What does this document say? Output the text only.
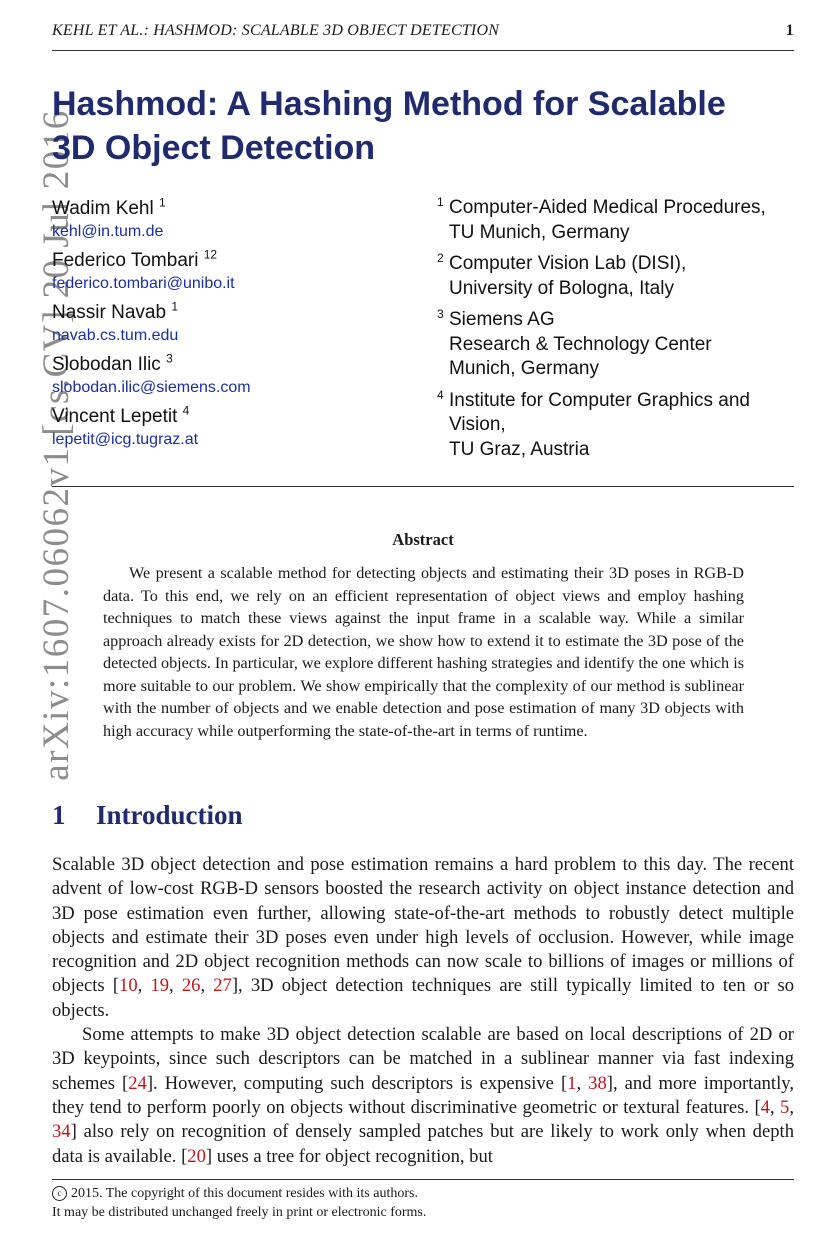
KEHL ET AL.: HASHMOD: SCALABLE 3D OBJECT DETECTION	1
arXiv:1607.06062v1 [cs.CV] 20 Jul 2016
Hashmod: A Hashing Method for Scalable
3D Object Detection
Wadim Kehl $^1$
kehl@in.tum.de
Federico Tombari $^{12}$
federico.tombari@unibo.it
Nassir Navab $^1$
navab.cs.tum.edu
Slobodan Ilic $^3$
slobodan.ilic@siemens.com
Vincent Lepetit $^4$
lepetit@icg.tugraz.at
1 Computer-Aided Medical Procedures,
TU Munich, Germany
2 Computer Vision Lab (DISI),
University of Bologna, Italy
3 Siemens AG
Research & Technology Center
Munich, Germany
4 Institute for Computer Graphics and
Vision,
TU Graz, Austria
Abstract

We present a scalable method for detecting objects and estimating their 3D poses in RGB-D data. To this end, we rely on an efficient representation of object views and employ hashing techniques to match these views against the input frame in a scalable way. While a similar approach already exists for 2D detection, we show how to extend it to estimate the 3D pose of the detected objects. In particular, we explore different hashing strategies and identify the one which is more suitable to our problem. We show empirically that the complexity of our method is sublinear with the number of objects and we enable detection and pose estimation of many 3D objects with high accuracy while outperforming the state-of-the-art in terms of runtime.

1 Introduction

Scalable 3D object detection and pose estimation remains a hard problem to this day. The recent advent of low-cost RGB-D sensors boosted the research activity on object instance detection and 3D pose estimation even further, allowing state-of-the-art methods to robustly detect multiple objects and estimate their 3D poses even under high levels of occlusion. However, while image recognition and 2D object recognition methods can now scale to billions of images or millions of objects [10, 19, 26, 27], 3D object detection techniques are still typically limited to ten or so objects.

Some attempts to make 3D object detection scalable are based on local descriptions of 2D or 3D keypoints, since such descriptors can be matched in a sublinear manner via fast indexing schemes [24]. However, computing such descriptors is expensive [1, 38], and more importantly, they tend to perform poorly on objects without discriminative geometric or textural features. [4, 5, 34] also rely on recognition of densely sampled patches but are likely to work only when depth data is available. [20] uses a tree for object recognition, but

c 2015. The copyright of this document resides with its authors.
It may be distributed unchanged freely in print or electronic forms.
